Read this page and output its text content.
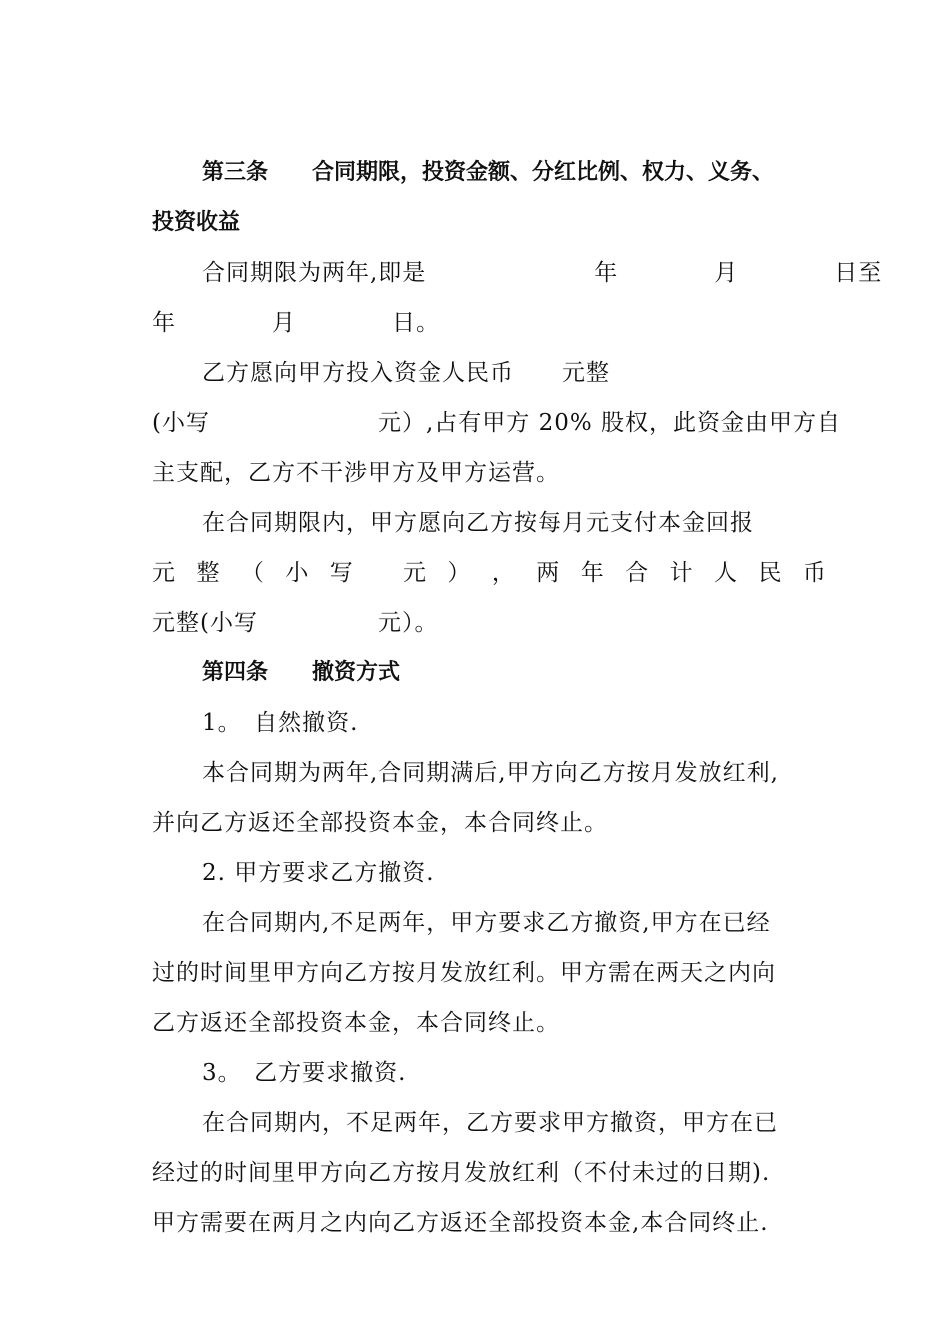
第三条　　合同期限，投资金额、分红比例、权力、义务、
投资收益
合同期限为两年,即是　　　　　　　年　　　　月　　　　日至
年　　　　月　　　　日。
乙方愿向甲方投入资金人民币　　元整
(小写　　　　　　　元）,占有甲方 20% 股权，此资金由甲方自
主支配，乙方不干涉甲方及甲方运营。
在合同期限内，甲方愿向乙方按每月元支付本金回报
元 整 （ 小 写
元 ） ， 两 年 合 计 人 民 币
元整(小写　　　　　元）。
第四条　　撤资方式
1。　自然撤资.
本合同期为两年,合同期满后,甲方向乙方按月发放红利,
并向乙方返还全部投资本金，本合同终止。
2. 甲方要求乙方撤资.
在合同期内,不足两年，甲方要求乙方撤资,甲方在已经
过的时间里甲方向乙方按月发放红利。甲方需在两天之内向
乙方返还全部投资本金，本合同终止。
3。　乙方要求撤资.
在合同期内，不足两年，乙方要求甲方撤资，甲方在已
经过的时间里甲方向乙方按月发放红利（不付未过的日期).
甲方需要在两月之内向乙方返还全部投资本金,本合同终止.
